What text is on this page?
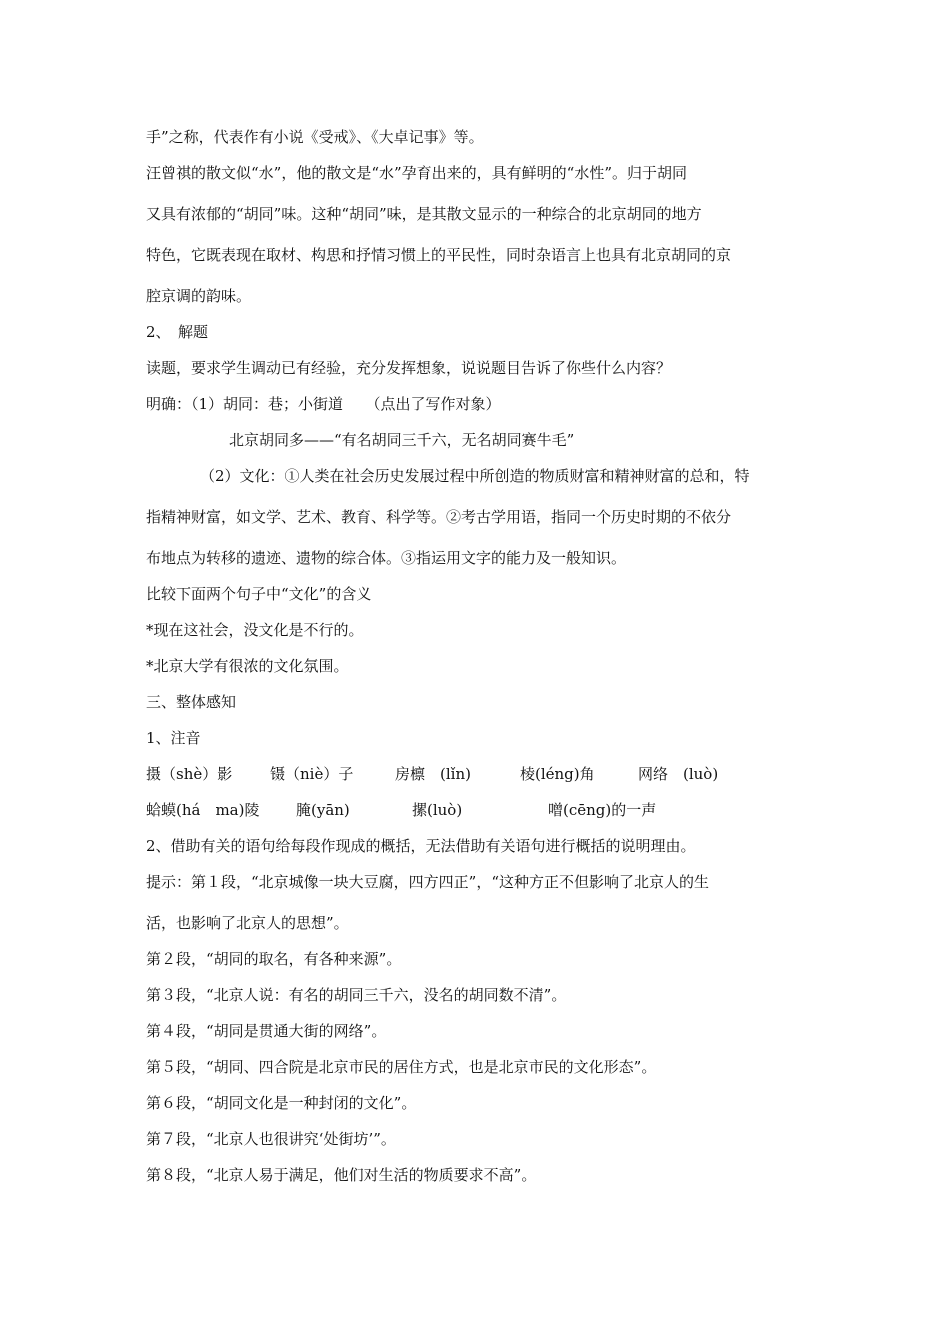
手”之称，代表作有小说《受戒》、《大卓记事》等。
汪曾祺的散文似“水”，他的散文是“水”孕育出来的，具有鲜明的“水性”。归于胡同
又具有浓郁的“胡同”味。这种“胡同”味，是其散文显示的一种综合的北京胡同的地方
特色，它既表现在取材、构思和抒情习惯上的平民性，同时杂语言上也具有北京胡同的京
腔京调的韵味。
2、　解题
读题，要求学生调动已有经验，充分发挥想象，说说题目告诉了你些什么内容？
明确：（1）胡同：巷；小街道　　（点出了写作对象）
北京胡同多——“有名胡同三千六，无名胡同赛牛毛”
（2）文化：①人类在社会历史发展过程中所创造的物质财富和精神财富的总和，特
指精神财富，如文学、艺术、教育、科学等。②考古学用语，指同一个历史时期的不依分
布地点为转移的遗迹、遗物的综合体。③指运用文字的能力及一般知识。
比较下面两个句子中“文化”的含义
*现在这社会，没文化是不行的。
*北京大学有很浓的文化氛围。
三、整体感知
1、注音
摄（shè）影	镊（niè）子	房檩　(lǐn)	棱(léng)角	网络　(luò)
蛤蟆(há　ma)陵 腌(yān)	摞(luò)	噌(cēng)的一声
2、借助有关的语句给每段作现成的概括，无法借助有关语句进行概括的说明理由。
提示：第１段，“北京城像一块大豆腐，四方四正”，“这种方正不但影响了北京人的生
活，也影响了北京人的思想”。
第２段，“胡同的取名，有各种来源”。
第３段，“北京人说：有名的胡同三千六，没名的胡同数不清”。
第４段，“胡同是贯通大街的网络”。
第５段，“胡同、四合院是北京市民的居住方式，也是北京市民的文化形态”。
第６段，“胡同文化是一种封闭的文化”。
第７段，“北京人也很讲究‘处街坊’”。
第８段，“北京人易于满足，他们对生活的物质要求不高”。
